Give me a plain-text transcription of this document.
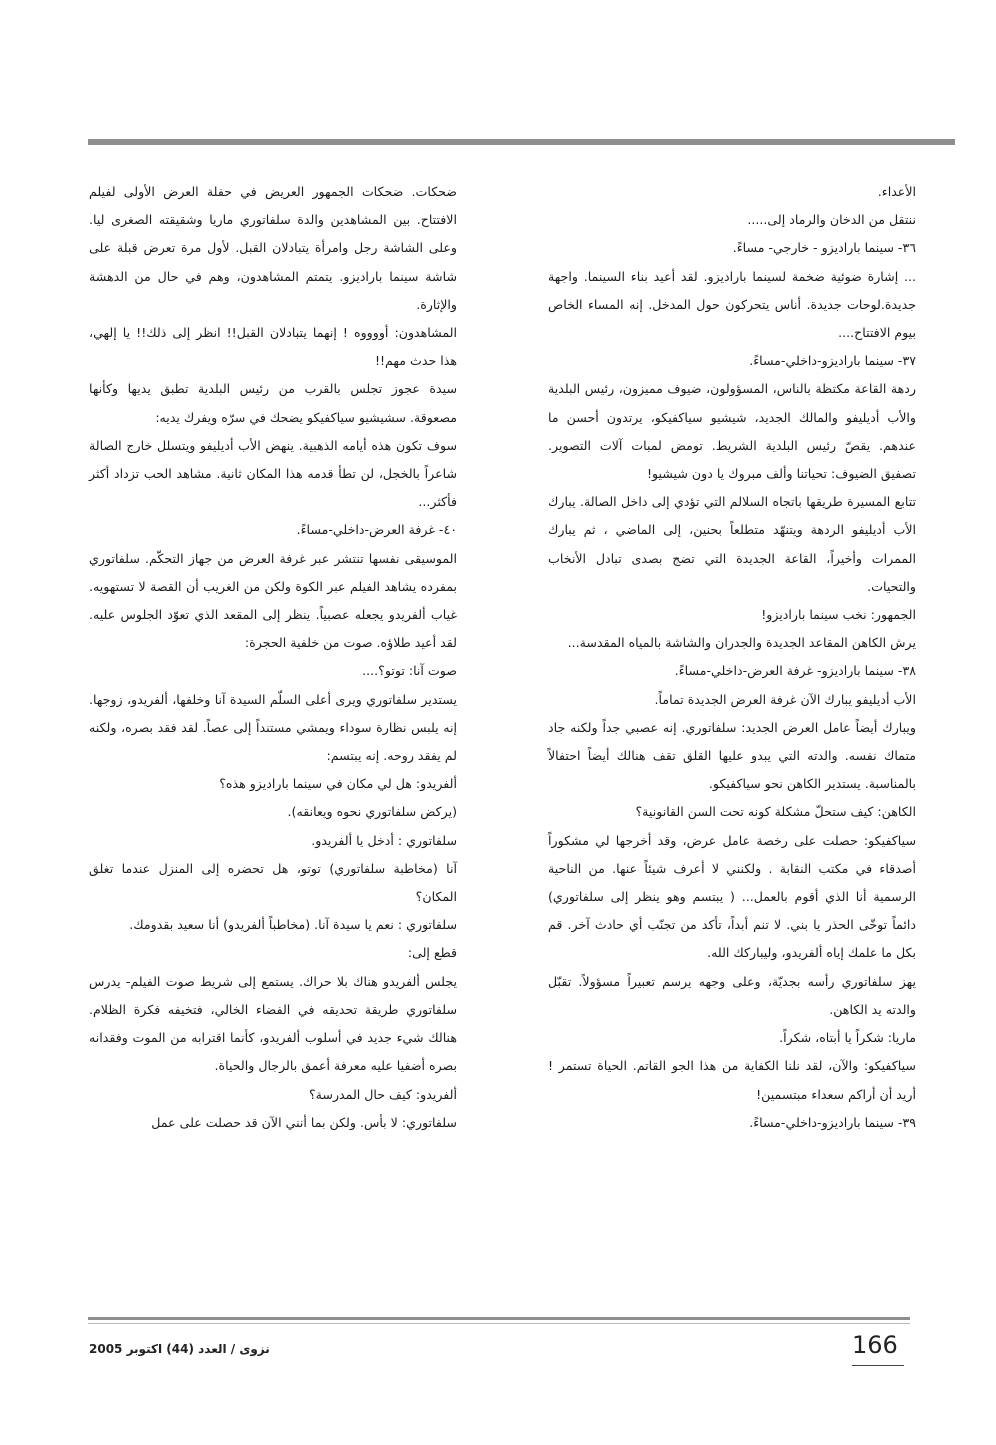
الأعداء.

ننتقل من الدخان والرماد إلى.....

٣٦- سينما باراديزو - خارجي- مساءً.

... إشارة ضوئية ضخمة لسينما باراديزو. لقد أعيد بناء السينما. واجهة جديدة.لوحات جديدة. أناس يتحركون حول المدخل. إنه المساء الخاص بيوم الافتتاح....

٣٧- سينما باراديزو-داخلي-مساءً.

ردهة القاعة مكتظة بالناس، المسؤولون، ضيوف مميزون، رئيس البلدية والأب أديليفو والمالك الجديد، شيشيو سياكفيكو، يرتدون أحسن ما عندهم. يقصّ رئيس البلدية الشريط. تومض لمبات آلات التصوير. تصفيق الضيوف: تحياتنا وألف مبروك يا دون شيشيو!

تتابع المسيرة طريقها باتجاه السلالم التي تؤدي إلى داخل الصالة. يبارك الأب أديليفو الردهة ويتنهّد متطلعاً بحنين، إلى الماضي ، ثم يبارك الممرات وأخيراً، القاعة الجديدة التي تضج بصدى تبادل الأنخاب والتحيات.

الجمهور: نخب سينما باراديزو!

يرش الكاهن المقاعد الجديدة والجدران والشاشة بالمياه المقدسة...

٣٨- سينما باراديزو- غرفة العرض-داخلي-مساءً.

الأب أديليفو يبارك الآن غرفة العرض الجديدة تماماً.

ويبارك أيضاً عامل العرض الجديد: سلفاتوري. إنه عصبي جداً ولكنه جاد متماك نفسه. والدته التي يبدو عليها القلق تقف هنالك أيضاً احتفالاً بالمناسبة. يستدير الكاهن نحو سياكفيكو.

الكاهن: كيف ستحلّ مشكلة كونه تحت السن القانونية؟

سياكفيكو: حصلت على رخصة عامل عرض، وقد أخرجها لي مشكوراً أصدقاء في مكتب النقابة . ولكنني لا أعرف شيئاً عنها. من الناحية الرسمية أنا الذي أقوم بالعمل... ( يبتسم وهو ينظر إلى سلفاتوري) دائماً توخّى الحذر يا بني. لا تنم أبداً، تأكد من تجنّب أي حادث آخر. قم بكل ما علمك إياه ألفريدو، وليباركك الله.

يهز سلفاتوري رأسه بجديّة، وعلى وجهه يرسم تعبيراً مسؤولاً. تقبّل والدته يد الكاهن.

ماريا: شكراً يا أبتاه، شكراً.

سياكفيكو: والآن، لقد نلنا الكفاية من هذا الجو القاتم. الحياة تستمر ! أريد أن أراكم سعداء مبتسمين!

٣٩- سينما باراديزو-داخلي-مساءً.

ضحكات. ضحكات الجمهور العريض في حفلة العرض الأولى لفيلم الافتتاح. بين المشاهدين والدة سلفاتوري ماريا وشقيقته الصغرى ليا. وعلى الشاشة رجل وامرأة يتبادلان القبل. لأول مرة تعرض قبلة على شاشة سينما باراديزو. يتمتم المشاهدون، وهم في حال من الدهشة والإثارة.

المشاهدون: أووووه ! إنهما يتبادلان القبل!! انظر إلى ذلك!! يا إلهي، هذا حدث مهم!!

سيدة عجوز تجلس بالقرب من رئيس البلدية تطبق يديها وكأنها مصعوقة. سشيشيو سياكفيكو يضحك في سرّه ويفرك يديه:

سوف تكون هذه أيامه الذهبية. ينهض الأب أديليفو ويتسلل خارج الصالة شاعراً بالخجل، لن تطأ قدمه هذا المكان ثانية. مشاهد الحب تزداد أكثر فأكثر...

٤٠- غرفة العرض-داخلي-مساءً.

الموسيقى نفسها تنتشر عبر غرفة العرض من جهاز التحكّم. سلفاتوري بمفرده يشاهد الفيلم عبر الكوة ولكن من الغريب أن القصة لا تستهويه. غياب ألفريدو يجعله عصبياً. ينظر إلى المقعد الذي تعوّد الجلوس عليه. لقد أعيد طلاؤه. صوت من خلفية الحجرة:

صوت آنا: توتو؟....

يستدير سلفاتوري ويرى أعلى السلّم السيدة آنا وخلفها، ألفريدو، زوجها. إنه يلبس نظارة سوداء ويمشي مستنداً إلى عصاً. لقد فقد بصره، ولكنه لم يفقد روحه. إنه يبتسم:

ألفريدو: هل لي مكان في سينما باراديزو هذه؟

(يركض سلفاتوري نحوه ويعانقه).

سلفاتوري : أدخل يا ألفريدو.

آنا (مخاطبة سلفاتوري) توتو، هل تحضره إلى المنزل عندما تغلق المكان؟

سلفاتوري : نعم يا سيدة آنا. (مخاطباً ألفريدو) أنا سعيد بقدومك.

قطع إلى:

يجلس ألفريدو هناك بلا حراك. يستمع إلى شريط صوت الفيلم- يدرس سلفاتوري طريقة تحديقه في الفضاء الخالي، فتخيفه فكرة الظلام. هنالك شيء جديد في أسلوب ألفريدو، كأنما اقترابه من الموت وفقدانه بصره أضفيا عليه معرفة أعمق بالرجال والحياة.

ألفريدو: كيف حال المدرسة؟

سلفاتوري: لا بأس. ولكن بما أنني الآن قد حصلت على عمل

166
نزوى / العدد (44) اكتوبر 2005
